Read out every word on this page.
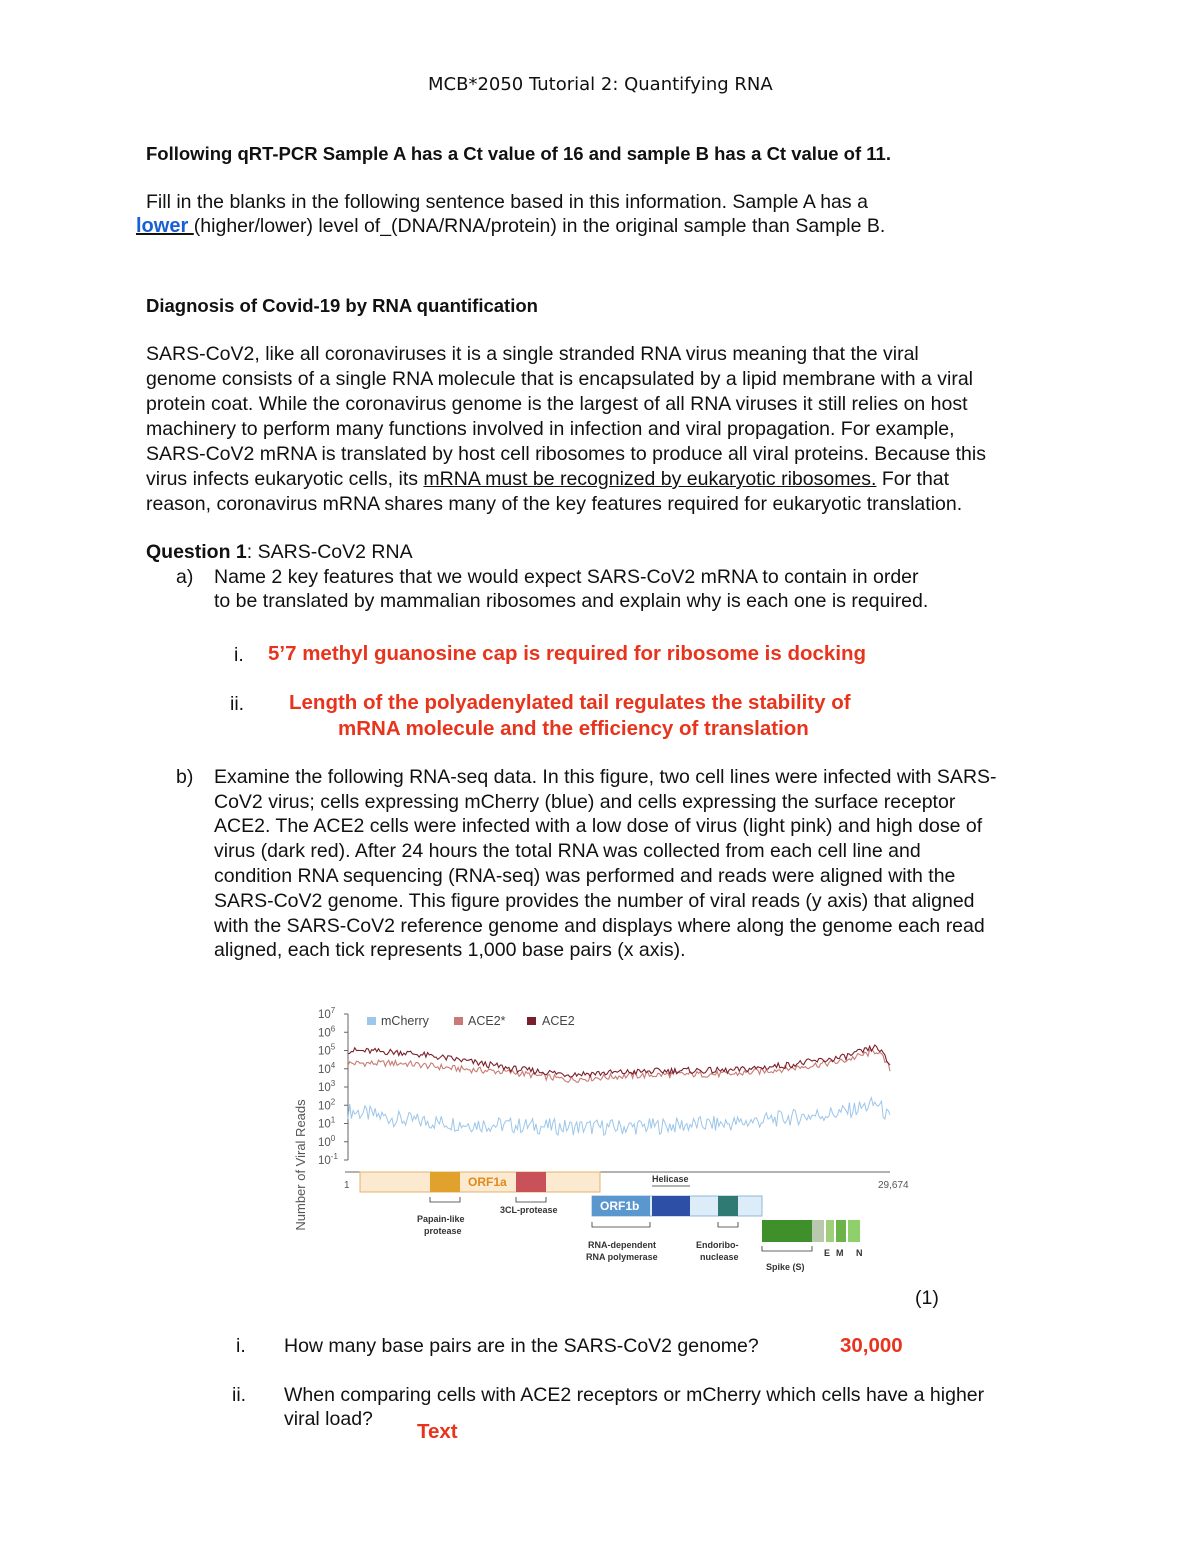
MCB*2050 Tutorial 2: Quantifying RNA
Following qRT-PCR Sample A has a Ct value of 16 and sample B has a Ct value of 11.
Fill in the blanks in the following sentence based in this information. Sample A has a
lower (higher/lower) level of_(DNA/RNA/protein) in the original sample than Sample B.
Diagnosis of Covid-19 by RNA quantification
SARS-CoV2, like all coronaviruses it is a single stranded RNA virus meaning that the viral
genome consists of a single RNA molecule that is encapsulated by a lipid membrane with a viral
protein coat. While the coronavirus genome is the largest of all RNA viruses it still relies on host
machinery to perform many functions involved in infection and viral propagation. For example,
SARS-CoV2 mRNA is translated by host cell ribosomes to produce all viral proteins. Because this
virus infects eukaryotic cells, its mRNA must be recognized by eukaryotic ribosomes. For that
reason, coronavirus mRNA shares many of the key features required for eukaryotic translation.
Question 1: SARS-CoV2 RNA
a) Name 2 key features that we would expect SARS-CoV2 mRNA to contain in order
to be translated by mammalian ribosomes and explain why is each one is required.
i. 5’7 methyl guanosine cap is required for ribosome is docking
ii. Length of the polyadenylated tail regulates the stability of
mRNA molecule and the efficiency of translation
b) Examine the following RNA-seq data. In this figure, two cell lines were infected with SARS-
CoV2 virus; cells expressing mCherry (blue) and cells expressing the surface receptor
ACE2. The ACE2 cells were infected with a low dose of virus (light pink) and high dose of
virus (dark red). After 24 hours the total RNA was collected from each cell line and
condition RNA sequencing (RNA-seq) was performed and reads were aligned with the
SARS-CoV2 genome. This figure provides the number of viral reads (y axis) that aligned
with the SARS-CoV2 reference genome and displays where along the genome each read
aligned, each tick represents 1,000 base pairs (x axis).
Number of Viral Reads
mCherry	ACE2*	ACE2
$10^7$
$10^6$
$10^5$
$10^4$
$10^3$
$10^2$
$10^1$
$10^0$
$10^{-1}$
1	29,674
ORF1a
ORF1b
Helicase
Papain-like
protease
3CL-protease
RNA-dependent
RNA polymerase
Endoribo-
nuclease
Spike (S)
E M N
(1)
i. How many base pairs are in the SARS-CoV2 genome?	30,000
ii. When comparing cells with ACE2 receptors or mCherry which cells have a higher
viral load?
Text
